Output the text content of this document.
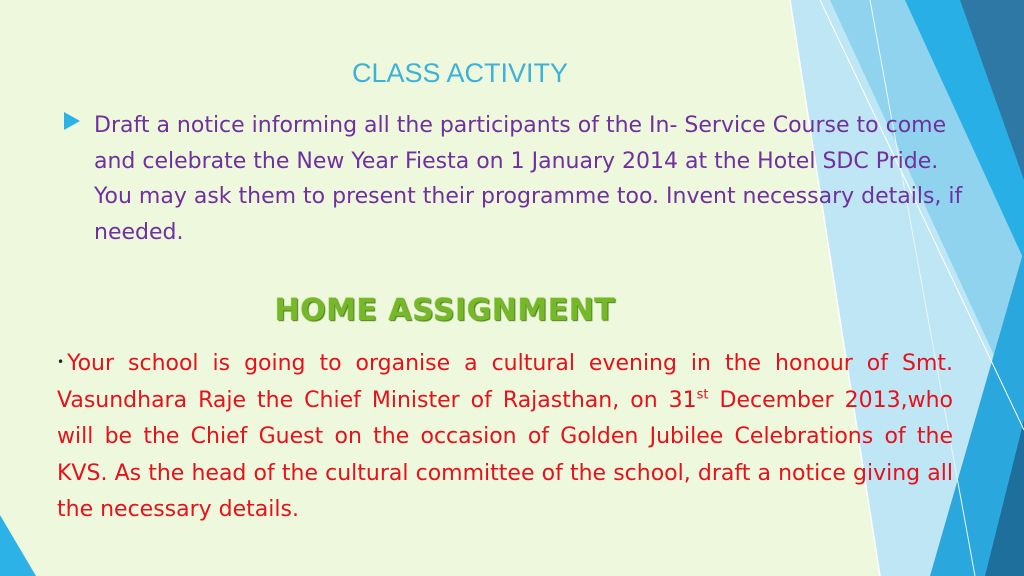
CLASS ACTIVITY
Draft a notice informing all the participants of the In- Service Course to come and celebrate the New Year Fiesta on 1 January 2014 at the Hotel SDC Pride. You may ask them to present their programme too. Invent necessary details, if needed.
HOME ASSIGNMENT
• Your school is going to organise a cultural evening in the honour of Smt. Vasundhara Raje the Chief Minister of Rajasthan, on 31st December 2013,who will be the Chief Guest on the occasion of Golden Jubilee Celebrations of the KVS. As the head of the cultural committee of the school, draft a notice giving all the necessary details.
